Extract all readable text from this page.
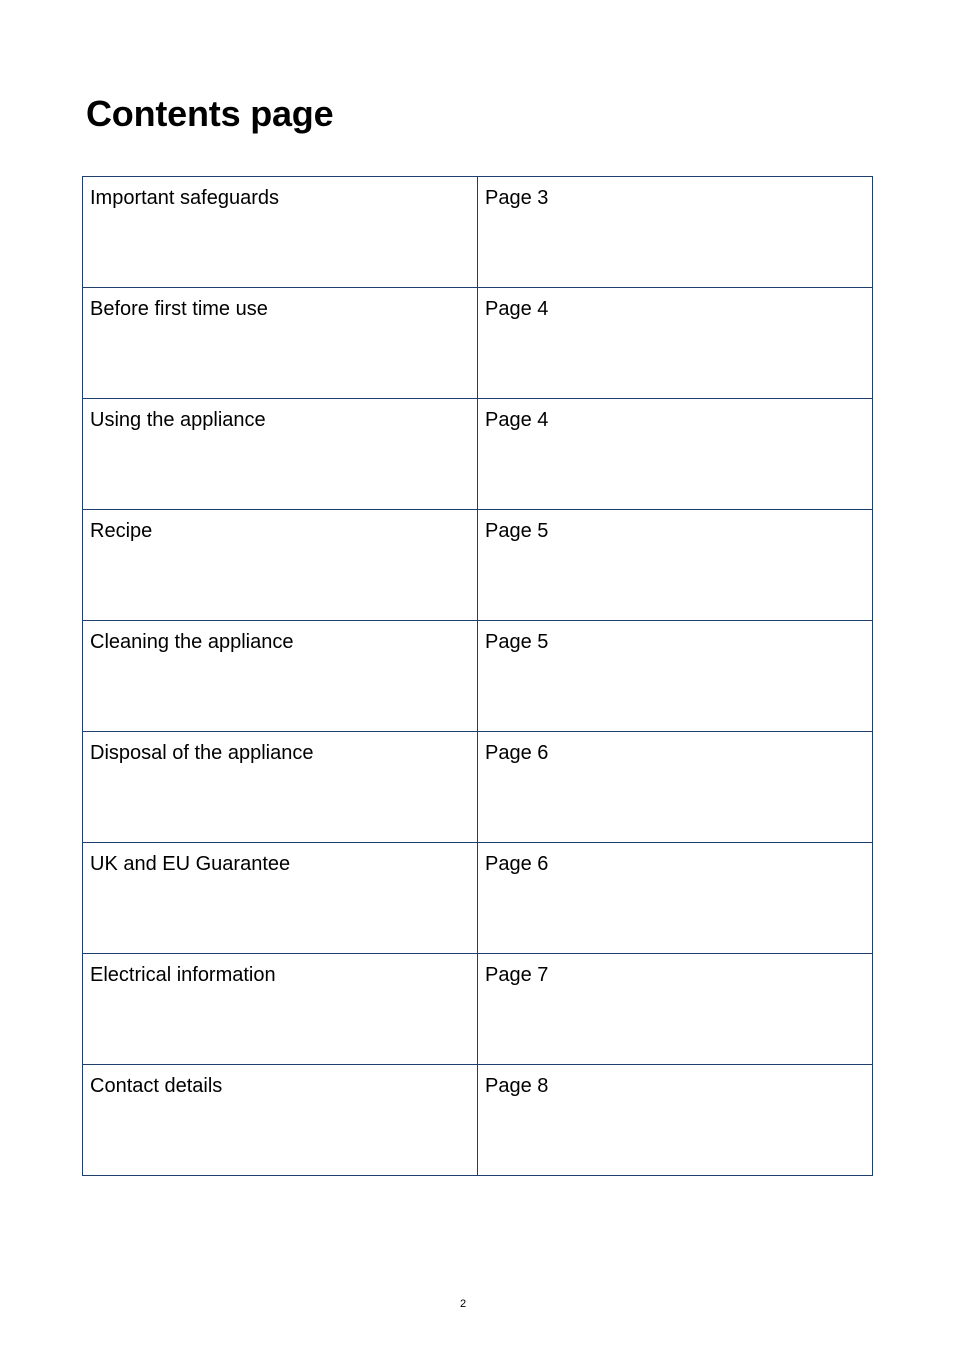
Contents page
Important safeguards	Page 3
Before first time use	Page 4
Using the appliance	Page 4
Recipe	Page 5
Cleaning the appliance	Page 5
Disposal of the appliance	Page 6
UK and EU Guarantee	Page 6
Electrical information	Page 7
Contact details	Page 8
2
